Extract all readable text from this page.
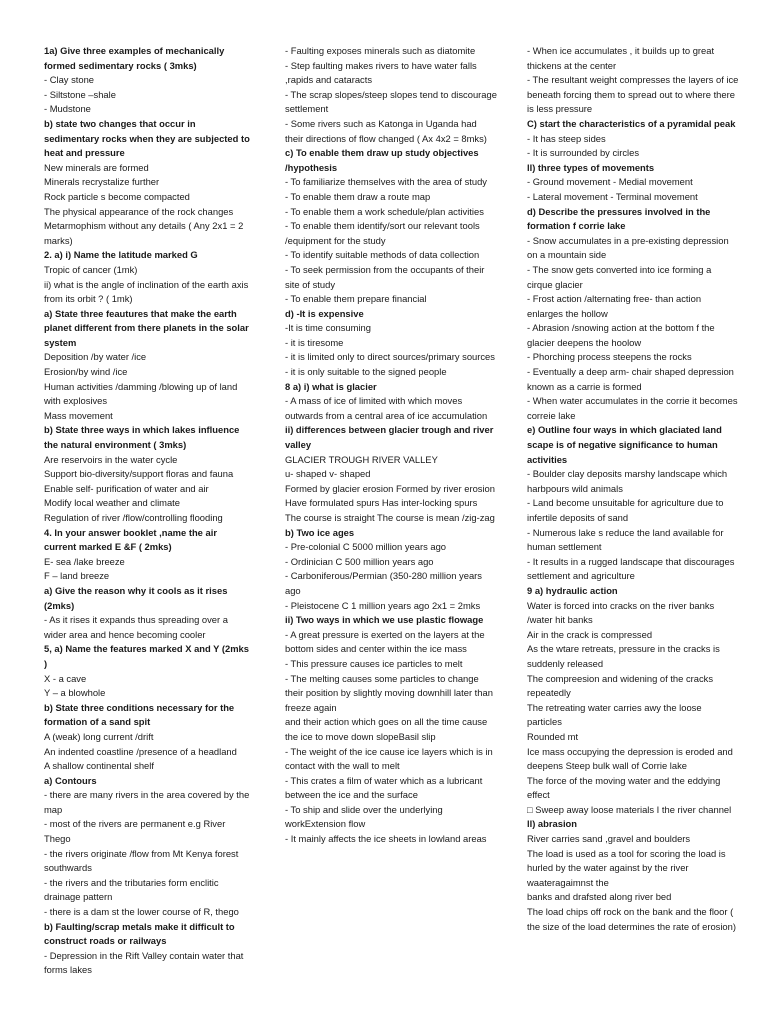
1a) Give three examples of mechanically formed sedimentary rocks ( 3mks)
- Clay stone
- Siltstone –shale
- Mudstone
b) state two changes that occur in sedimentary rocks when they are subjected to heat and pressure
New minerals are formed
Minerals recrystalize further
Rock particle s become compacted
The physical appearance of the rock changes
Metarmophism without any details ( Any 2x1 = 2 marks)
2. a) i) Name the latitude marked G
Tropic of cancer (1mk)
ii) what is the angle of inclination of the earth axis from its orbit ? ( 1mk)
a) State three feautures that make the earth planet different from there planets in the solar system
Deposition /by water /ice
Erosion/by wind /ice
Human activities /damming /blowing up of land with explosives
Mass movement
b) State three ways in which lakes influence the natural environment ( 3mks)
Are reservoirs in the water cycle
Support bio-diversity/support floras and fauna
Enable self- purification of water and air
Modify local weather and climate
Regulation of river /flow/controlling flooding
4. In your answer booklet ,name the air current marked E &F ( 2mks)
E- sea /lake breeze
F – land breeze
a) Give the reason why it cools as it rises (2mks)
- As it rises it expands thus spreading over a wider area and hence becoming cooler
5, a) Name the features marked X and Y (2mks )
X - a cave
Y – a blowhole
b) State three conditions necessary for the formation of a sand spit
A (weak) long current /drift
An indented coastline /presence of a headland
A shallow continental shelf
a) Contours
- there are many rivers in the area covered by the map
- most of the rivers are permanent e.g River Thego
- the rivers originate /flow from Mt Kenya forest southwards
- the rivers and the tributaries form enclitic drainage pattern
- there is a dam st the lower course of R, thego
b) Faulting/scrap metals make it difficult to construct roads or railways
- Depression in the Rift Valley contain water that forms lakes
- Faulting exposes minerals such as diatomite
- Step faulting makes rivers to have water falls ,rapids and cataracts
- The scrap slopes/steep slopes tend to discourage settlement
- Some rivers such as Katonga in Uganda had their directions of flow changed ( Ax 4x2 = 8mks)
c) To enable them draw up study objectives /hypothesis
- To familiarize themselves with the area of study
- To enable them draw a route map
- To enable them a work schedule/plan activities
- To enable them identify/sort our relevant tools /equipment for the study
- To identify suitable methods of data collection
- To seek permission from the occupants of their site of study
- To enable them prepare financial
d) -It is expensive
-It is time consuming
- it is tiresome
- it is limited only to direct sources/primary sources
- it is only suitable to the signed people
8 a) i) what is glacier
- A mass of ice of limited with which moves outwards from a central area of ice accumulation
ii) differences between glacier trough and river valley
GLACIER TROUGH RIVER VALLEY
u- shaped v- shaped
Formed by glacier erosion Formed by river erosion
Have formulated spurs Has inter-locking spurs
The course is straight The course is mean /zig-zag
b) Two ice ages
- Pre-colonial C 5000 million years ago
- Ordinician C 500 million years ago
- Carboniferous/Permian (350-280 million years ago
- Pleistocene C 1 million years ago 2x1 = 2mks
ii) Two ways in which we use plastic flowage
- A great pressure is exerted on the layers at the bottom sides and center within the ice mass
- This pressure causes ice particles to melt
- The melting causes some particles to change their position by slightly moving downhill later than freeze again
and their action which goes on all the time cause the ice to move down slopeBasil slip
- The weight of the ice cause ice layers which is in contact with the wall to melt
- This crates a film of water which as a lubricant between the ice and the surface
- To ship and slide over the underlying workExtension flow
- It mainly affects the ice sheets in lowland areas
- When ice accumulates , it builds up to great thickens at the center
- The resultant weight compresses the layers of ice beneath forcing them to spread out to where there is less pressure
C) start the characteristics of a pyramidal peak
- It has steep sides
- It is surrounded by circles
ll) three types of movements
- Ground movement - Medial movement
- Lateral movement - Terminal movement
d) Describe the pressures involved in the formation f corrie lake
- Snow accumulates in a pre-existing depression on a mountain side
- The snow gets converted into ice forming a cirque glacier
- Frost action /alternating free- than action enlarges the hollow
- Abrasion /snowing action at the bottom f the glacier deepens the hoolow
- Phorching process steepens the rocks
- Eventually a deep arm- chair shaped depression known as a carrie is formed
- When water accumulates in the corrie it becomes correie lake
e) Outline four ways in which glaciated land scape is of negative significance to human activities
- Boulder clay deposits marshy landscape which harbpours wild animals
- Land become unsuitable for agriculture due to infertile deposits of sand
- Numerous lake s reduce the land available for human settlement
- It results in a rugged landscape that discourages settlement and agriculture
9 a) hydraulic action
Water is forced into cracks on the river banks /water hit banks
Air in the crack is compressed
As the wtare retreats, pressure in the cracks is suddenly released
The compreesion and widening of the cracks repeatedly
The retreating water carries awy the loose particles
Rounded mt
Ice mass occupying the depression is eroded and deepens Steep bulk wall of Corrie lake
The force of the moving water and the eddying effect
□ Sweep away loose materials I the river channel
ll) abrasion
River carries sand ,gravel and boulders
The load is used as a tool for scoring the load is hurled by the water against by the river waateragaimnst the
banks and drafsted along river bed
The load chips off rock on the bank and the floor ( the size of the load determines the rate of erosion)
